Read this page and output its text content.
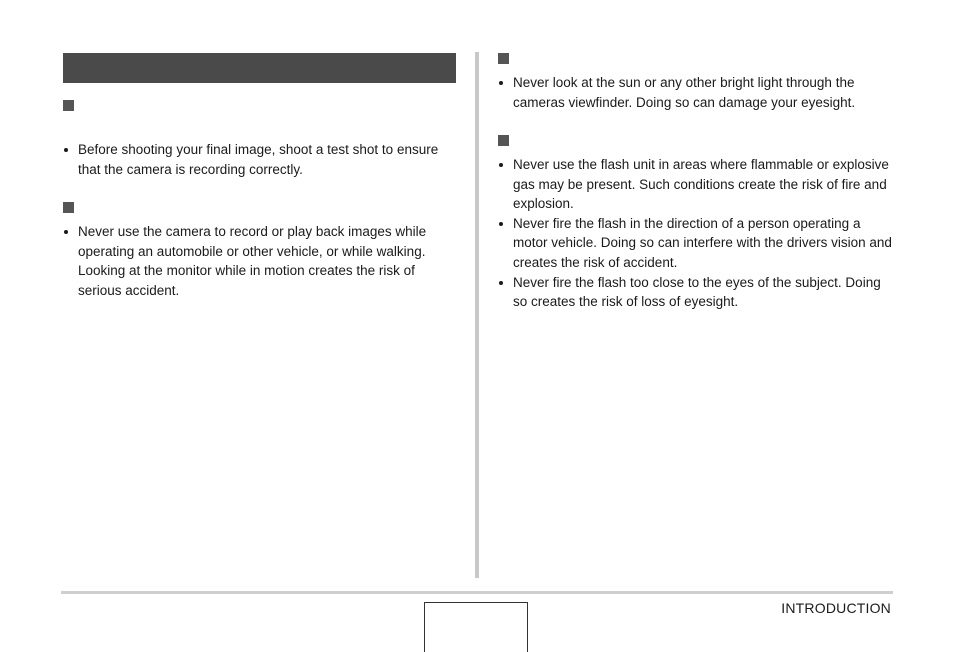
Before shooting your final image, shoot a test shot to ensure that the camera is recording correctly.
Never use the camera to record or play back images while operating an automobile or other vehicle, or while walking. Looking at the monitor while in motion creates the risk of serious accident.
Never look at the sun or any other bright light through the cameras viewfinder. Doing so can damage your eyesight.
Never use the flash unit in areas where flammable or explosive gas may be present. Such conditions create the risk of fire and explosion.
Never fire the flash in the direction of a person operating a motor vehicle. Doing so can interfere with the drivers vision and creates the risk of accident.
Never fire the flash too close to the eyes of the subject. Doing so creates the risk of loss of eyesight.
INTRODUCTION
